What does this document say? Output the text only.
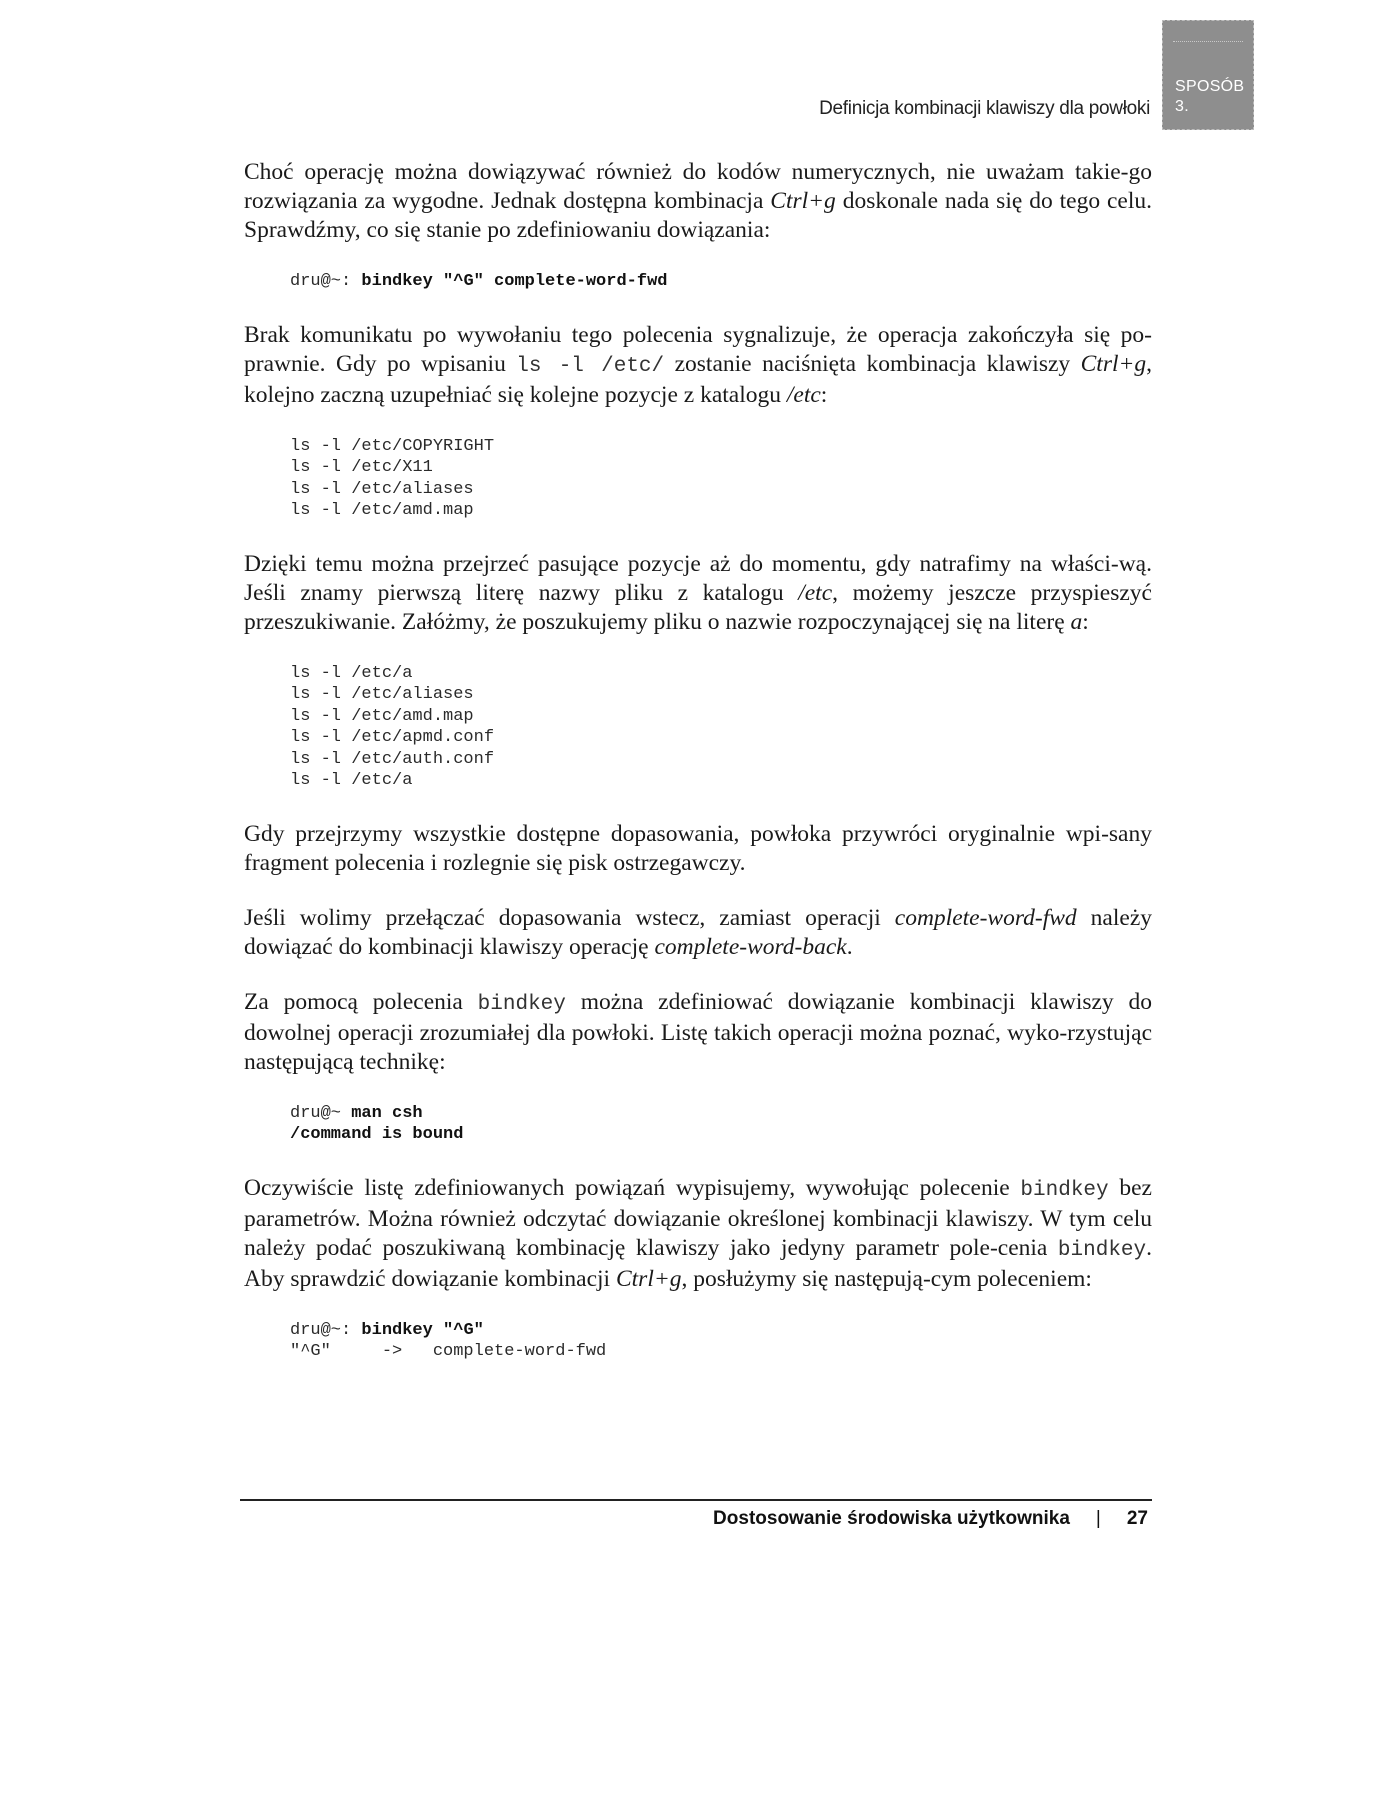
Definicja kombinacji klawiszy dla powłoki
SPOSÓB
3.

Choć operację można dowiązywać również do kodów numerycznych, nie uważam takie-go rozwiązania za wygodne. Jednak dostępna kombinacja Ctrl+g doskonale nada się do tego celu. Sprawdźmy, co się stanie po zdefiniowaniu dowiązania:

dru@~: bindkey "^G" complete-word-fwd

Brak komunikatu po wywołaniu tego polecenia sygnalizuje, że operacja zakończyła się po-prawnie. Gdy po wpisaniu ls -l /etc/ zostanie naciśnięta kombinacja klawiszy Ctrl+g, kolejno zaczną uzupełniać się kolejne pozycje z katalogu /etc:

ls -l /etc/COPYRIGHT
ls -l /etc/X11
ls -l /etc/aliases
ls -l /etc/amd.map

Dzięki temu można przejrzeć pasujące pozycje aż do momentu, gdy natrafimy na właści-wą. Jeśli znamy pierwszą literę nazwy pliku z katalogu /etc, możemy jeszcze przyspieszyć przeszukiwanie. Załóżmy, że poszukujemy pliku o nazwie rozpoczynającej się na literę a:

ls -l /etc/a
ls -l /etc/aliases
ls -l /etc/amd.map
ls -l /etc/apmd.conf
ls -l /etc/auth.conf
ls -l /etc/a

Gdy przejrzymy wszystkie dostępne dopasowania, powłoka przywróci oryginalnie wpi-sany fragment polecenia i rozlegnie się pisk ostrzegawczy.

Jeśli wolimy przełączać dopasowania wstecz, zamiast operacji complete-word-fwd należy dowiązać do kombinacji klawiszy operację complete-word-back.

Za pomocą polecenia bindkey można zdefiniować dowiązanie kombinacji klawiszy do dowolnej operacji zrozumiałej dla powłoki. Listę takich operacji można poznać, wyko-rzystując następującą technikę:

dru@~ man csh
/command is bound

Oczywiście listę zdefiniowanych powiązań wypisujemy, wywołując polecenie bindkey bez parametrów. Można również odczytać dowiązanie określonej kombinacji klawiszy. W tym celu należy podać poszukiwaną kombinację klawiszy jako jedyny parametr pole-cenia bindkey. Aby sprawdzić dowiązanie kombinacji Ctrl+g, posłużymy się następują-cym poleceniem:

dru@~: bindkey "^G"
"^G"     ->   complete-word-fwd
Dostosowanie środowiska użytkownika | 27
